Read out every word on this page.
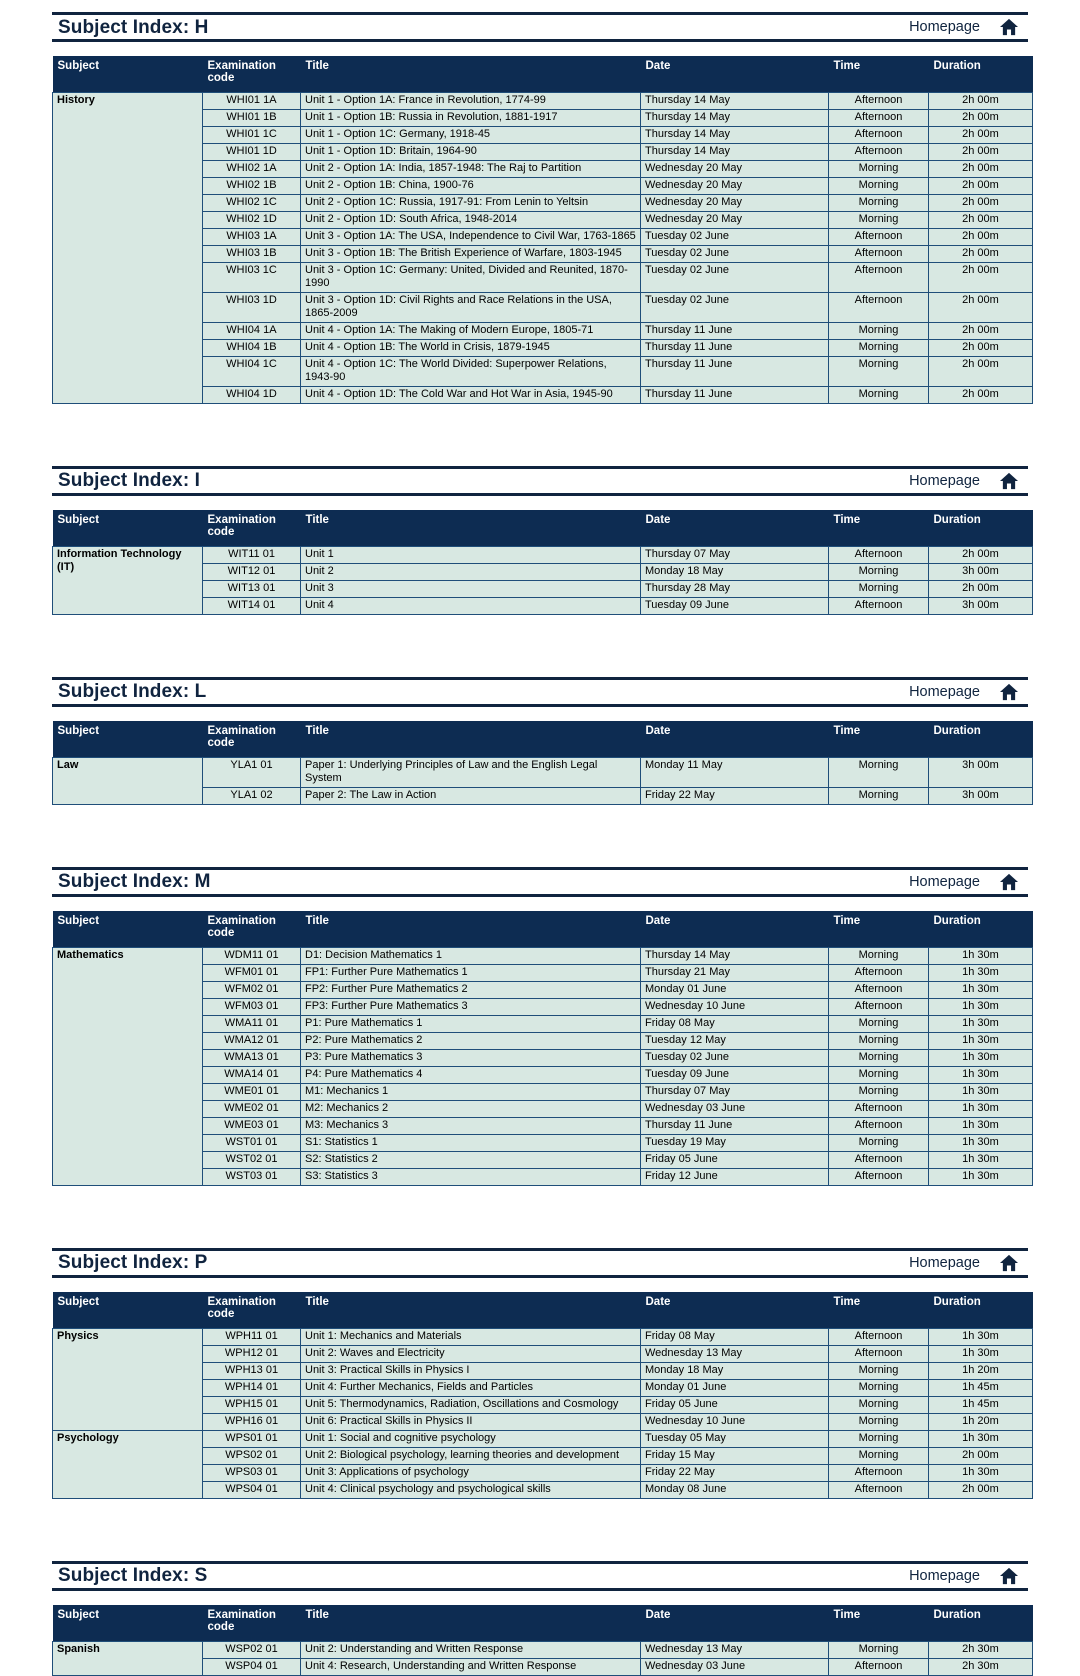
Subject Index: H	Homepage
Subject	Examination
code	Title	Date	Time	Duration
History	WHI01 1A	Unit 1 - Option 1A: France in Revolution, 1774-99	Thursday 14 May	Afternoon	2h 00m
	WHI01 1B	Unit 1 - Option 1B: Russia in Revolution, 1881-1917	Thursday 14 May	Afternoon	2h 00m
	WHI01 1C	Unit 1 - Option 1C: Germany, 1918-45	Thursday 14 May	Afternoon	2h 00m
	WHI01 1D	Unit 1 - Option 1D: Britain, 1964-90	Thursday 14 May	Afternoon	2h 00m
	WHI02 1A	Unit 2 - Option 1A: India, 1857-1948: The Raj to Partition	Wednesday 20 May	Morning	2h 00m
	WHI02 1B	Unit 2 - Option 1B: China, 1900-76	Wednesday 20 May	Morning	2h 00m
	WHI02 1C	Unit 2 - Option 1C: Russia, 1917-91: From Lenin to Yeltsin	Wednesday 20 May	Morning	2h 00m
	WHI02 1D	Unit 2 - Option 1D: South Africa, 1948-2014	Wednesday 20 May	Morning	2h 00m
	WHI03 1A	Unit 3 - Option 1A: The USA, Independence to Civil War, 1763-1865	Tuesday 02 June	Afternoon	2h 00m
	WHI03 1B	Unit 3 - Option 1B: The British Experience of Warfare, 1803-1945	Tuesday 02 June	Afternoon	2h 00m
	WHI03 1C	Unit 3 - Option 1C: Germany: United, Divided and Reunited, 1870-1990	Tuesday 02 June	Afternoon	2h 00m
	WHI03 1D	Unit 3 - Option 1D: Civil Rights and Race Relations in the USA, 1865-2009	Tuesday 02 June	Afternoon	2h 00m
	WHI04 1A	Unit 4 - Option 1A: The Making of Modern Europe, 1805-71	Thursday 11 June	Morning	2h 00m
	WHI04 1B	Unit 4 - Option 1B: The World in Crisis, 1879-1945	Thursday 11 June	Morning	2h 00m
	WHI04 1C	Unit 4 - Option 1C: The World Divided: Superpower Relations, 1943-90	Thursday 11 June	Morning	2h 00m
	WHI04 1D	Unit 4 - Option 1D: The Cold War and Hot War in Asia, 1945-90	Thursday 11 June	Morning	2h 00m
Subject Index: I	Homepage
Subject	Examination
code	Title	Date	Time	Duration
Information Technology (IT)	WIT11 01	Unit 1	Thursday 07 May	Afternoon	2h 00m
	WIT12 01	Unit 2	Monday 18 May	Morning	3h 00m
	WIT13 01	Unit 3	Thursday 28 May	Morning	2h 00m
	WIT14 01	Unit 4	Tuesday 09 June	Afternoon	3h 00m
Subject Index: L	Homepage
Subject	Examination
code	Title	Date	Time	Duration
Law	YLA1 01	Paper 1: Underlying Principles of Law and the English Legal System	Monday 11 May	Morning	3h 00m
	YLA1 02	Paper 2: The Law in Action	Friday 22 May	Morning	3h 00m
Subject Index: M	Homepage
Subject	Examination
code	Title	Date	Time	Duration
Mathematics	WDM11 01	D1: Decision Mathematics 1	Thursday 14 May	Morning	1h 30m
	WFM01 01	FP1: Further Pure Mathematics 1	Thursday 21 May	Afternoon	1h 30m
	WFM02 01	FP2: Further Pure Mathematics 2	Monday 01 June	Afternoon	1h 30m
	WFM03 01	FP3: Further Pure Mathematics 3	Wednesday 10 June	Afternoon	1h 30m
	WMA11 01	P1: Pure Mathematics 1	Friday 08 May	Morning	1h 30m
	WMA12 01	P2: Pure Mathematics 2	Tuesday 12 May	Morning	1h 30m
	WMA13 01	P3: Pure Mathematics 3	Tuesday 02 June	Morning	1h 30m
	WMA14 01	P4: Pure Mathematics 4	Tuesday 09 June	Morning	1h 30m
	WME01 01	M1: Mechanics 1	Thursday 07 May	Morning	1h 30m
	WME02 01	M2: Mechanics 2	Wednesday 03 June	Afternoon	1h 30m
	WME03 01	M3: Mechanics 3	Thursday 11 June	Afternoon	1h 30m
	WST01 01	S1: Statistics 1	Tuesday 19 May	Morning	1h 30m
	WST02 01	S2: Statistics 2	Friday 05 June	Afternoon	1h 30m
	WST03 01	S3: Statistics 3	Friday 12 June	Afternoon	1h 30m
Subject Index: P	Homepage
Subject	Examination
code	Title	Date	Time	Duration
Physics	WPH11 01	Unit 1: Mechanics and Materials	Friday 08 May	Afternoon	1h 30m
	WPH12 01	Unit 2: Waves and Electricity	Wednesday 13 May	Afternoon	1h 30m
	WPH13 01	Unit 3: Practical Skills in Physics I	Monday 18 May	Morning	1h 20m
	WPH14 01	Unit 4: Further Mechanics, Fields and Particles	Monday 01 June	Morning	1h 45m
	WPH15 01	Unit 5: Thermodynamics, Radiation, Oscillations and Cosmology	Friday 05 June	Morning	1h 45m
	WPH16 01	Unit 6: Practical Skills in Physics II	Wednesday 10 June	Morning	1h 20m
Psychology	WPS01 01	Unit 1: Social and cognitive psychology	Tuesday 05 May	Morning	1h 30m
	WPS02 01	Unit 2: Biological psychology, learning theories and development	Friday 15 May	Morning	2h 00m
	WPS03 01	Unit 3: Applications of psychology	Friday 22 May	Afternoon	1h 30m
	WPS04 01	Unit 4: Clinical psychology and psychological skills	Monday 08 June	Afternoon	2h 00m
Subject Index: S	Homepage
Subject	Examination
code	Title	Date	Time	Duration
Spanish	WSP02 01	Unit 2: Understanding and Written Response	Wednesday 13 May	Morning	2h 30m
	WSP04 01	Unit 4: Research, Understanding and Written Response	Wednesday 03 June	Afternoon	2h 30m
